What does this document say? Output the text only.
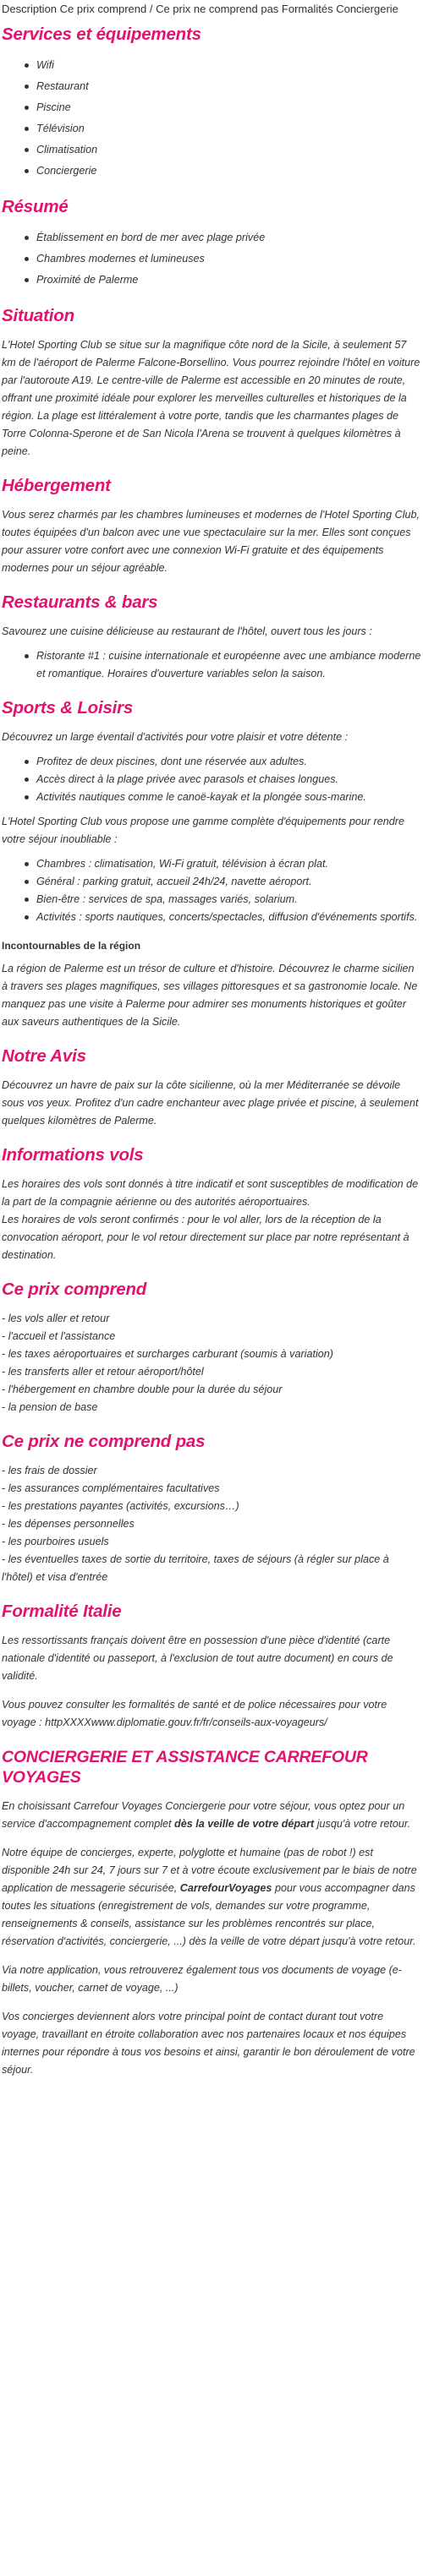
Description Ce prix comprend / Ce prix ne comprend pas Formalités Conciergerie
Services et équipements
Wifi
Restaurant
Piscine
Télévision
Climatisation
Conciergerie
Résumé
Établissement en bord de mer avec plage privée
Chambres modernes et lumineuses
Proximité de Palerme
Situation

L'Hotel Sporting Club se situe sur la magnifique côte nord de la Sicile, à seulement 57 km de l'aéroport de Palerme Falcone-Borsellino. Vous pourrez rejoindre l'hôtel en voiture par l'autoroute A19. Le centre-ville de Palerme est accessible en 20 minutes de route, offrant une proximité idéale pour explorer les merveilles culturelles et historiques de la région. La plage est littéralement à votre porte, tandis que les charmantes plages de Torre Colonna-Sperone et de San Nicola l'Arena se trouvent à quelques kilomètres à peine.

Hébergement

Vous serez charmés par les chambres lumineuses et modernes de l'Hotel Sporting Club, toutes équipées d'un balcon avec une vue spectaculaire sur la mer. Elles sont conçues pour assurer votre confort avec une connexion Wi-Fi gratuite et des équipements modernes pour un séjour agréable.

Restaurants & bars

Savourez une cuisine délicieuse au restaurant de l'hôtel, ouvert tous les jours :

Ristorante #1 : cuisine internationale et européenne avec une ambiance moderne et romantique. Horaires d'ouverture variables selon la saison.
Sports & Loisirs

Découvrez un large éventail d'activités pour votre plaisir et votre détente :

Profitez de deux piscines, dont une réservée aux adultes.
Accès direct à la plage privée avec parasols et chaises longues.
Activités nautiques comme le canoë-kayak et la plongée sous-marine.

L'Hotel Sporting Club vous propose une gamme complète d'équipements pour rendre votre séjour inoubliable :

Chambres : climatisation, Wi-Fi gratuit, télévision à écran plat.
Général : parking gratuit, accueil 24h/24, navette aéroport.
Bien-être : services de spa, massages variés, solarium.
Activités : sports nautiques, concerts/spectacles, diffusion d'événements sportifs.
Incontournables de la région

La région de Palerme est un trésor de culture et d'histoire. Découvrez le charme sicilien à travers ses plages magnifiques, ses villages pittoresques et sa gastronomie locale. Ne manquez pas une visite à Palerme pour admirer ses monuments historiques et goûter aux saveurs authentiques de la Sicile.

Notre Avis

Découvrez un havre de paix sur la côte sicilienne, où la mer Méditerranée se dévoile sous vos yeux. Profitez d'un cadre enchanteur avec plage privée et piscine, à seulement quelques kilomètres de Palerme.

Informations vols

Les horaires des vols sont donnés à titre indicatif et sont susceptibles de modification de la part de la compagnie aérienne ou des autorités aéroportuaires.

Les horaires de vols seront confirmés : pour le vol aller, lors de la réception de la convocation aéroport, pour le vol retour directement sur place par notre représentant à destination.

Ce prix comprend
- les vols aller et retour
- l'accueil et l'assistance
- les taxes aéroportuaires et surcharges carburant (soumis à variation)
- les transferts aller et retour aéroport/hôtel
- l'hébergement en chambre double pour la durée du séjour
- la pension de base
Ce prix ne comprend pas
- les frais de dossier
- les assurances complémentaires facultatives
- les prestations payantes (activités, excursions…)
- les dépenses personnelles
- les pourboires usuels
- les éventuelles taxes de sortie du territoire, taxes de séjours (à régler sur place à l'hôtel) et visa d'entrée
Formalité Italie

Les ressortissants français doivent être en possession d'une pièce d'identité (carte nationale d'identité ou passeport, à l'exclusion de tout autre document) en cours de validité.

Vous pouvez consulter les formalités de santé et de police nécessaires pour votre voyage : httpXXXXwww.diplomatie.gouv.fr/fr/conseils-aux-voyageurs/

CONCIERGERIE ET ASSISTANCE CARREFOUR VOYAGES

En choisissant Carrefour Voyages Conciergerie pour votre séjour, vous optez pour un service d'accompagnement complet dès la veille de votre départ jusqu'à votre retour.

Notre équipe de concierges, experte, polyglotte et humaine (pas de robot !) est disponible 24h sur 24, 7 jours sur 7 et à votre écoute exclusivement par le biais de notre application de messagerie sécurisée, CarrefourVoyages pour vous accompagner dans toutes les situations (enregistrement de vols, demandes sur votre programme, renseignements & conseils, assistance sur les problèmes rencontrés sur place, réservation d'activités, conciergerie, ...) dès la veille de votre départ jusqu'à votre retour.

Via notre application, vous retrouverez également tous vos documents de voyage (e-billets, voucher, carnet de voyage, ...)

Vos concierges deviennent alors votre principal point de contact durant tout votre voyage, travaillant en étroite collaboration avec nos partenaires locaux et nos équipes internes pour répondre à tous vos besoins et ainsi, garantir le bon déroulement de votre séjour.
